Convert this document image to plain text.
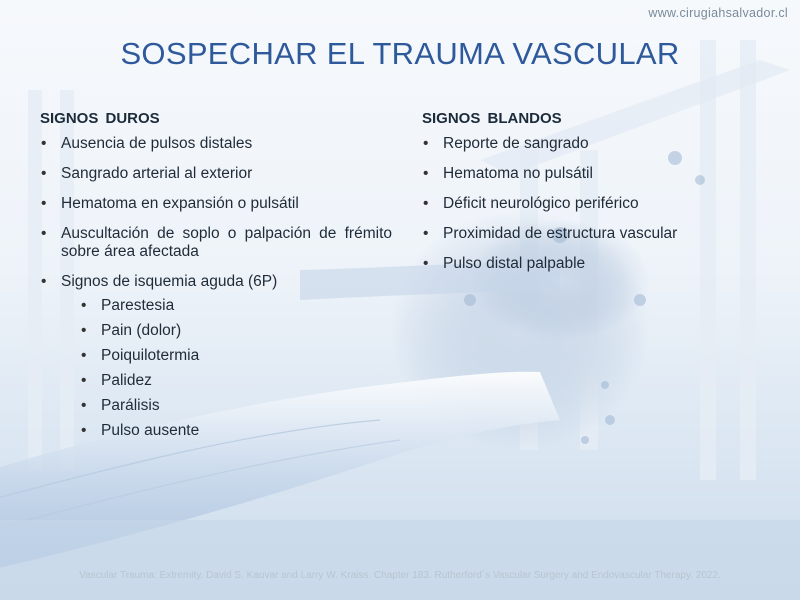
www.cirugiahsalvador.cl
SOSPECHAR EL TRAUMA VASCULAR
SIGNOS DUROS
• Ausencia de pulsos distales
• Sangrado arterial al exterior
• Hematoma en expansión o pulsátil
• Auscultación de soplo o palpación de frémito sobre área afectada
• Signos de isquemia aguda (6P)
• Parestesia
• Pain (dolor)
• Poiquilotermia
• Palidez
• Parálisis
• Pulso ausente
SIGNOS BLANDOS
• Reporte de sangrado
• Hematoma no pulsátil
• Déficit neurológico periférico
• Proximidad de estructura vascular
• Pulso distal palpable
Vascular Trauma: Extremity. David S. Kauvar and Larry W. Kraiss. Chapter 183. Rutherford´s Vascular Surgery and Endovascular Therapy. 2022.
